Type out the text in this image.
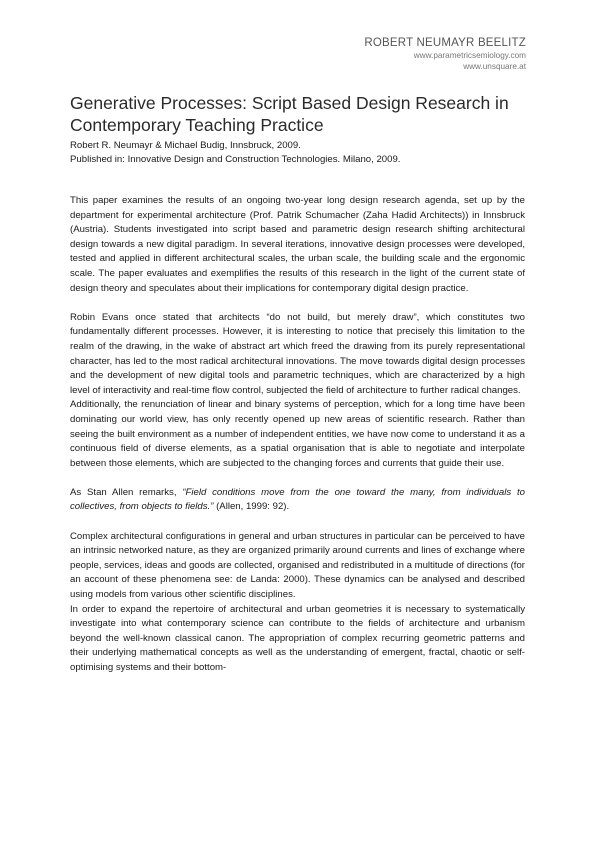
ROBERT NEUMAYR BEELITZ
www.parametricsemiology.com
www.unsquare.at
Generative Processes: Script Based Design Research in Contemporary Teaching Practice
Robert R. Neumayr & Michael Budig, Innsbruck, 2009.
Published in: Innovative Design and Construction Technologies. Milano, 2009.

This paper examines the results of an ongoing two-year long design research agenda, set up by the department for experimental architecture (Prof. Patrik Schumacher (Zaha Hadid Architects)) in Innsbruck (Austria). Students investigated into script based and parametric design research shifting architectural design towards a new digital paradigm. In several iterations, innovative design processes were developed, tested and applied in different architectural scales, the urban scale, the building scale and the ergonomic scale. The paper evaluates and exemplifies the results of this research in the light of the current state of design theory and speculates about their implications for contemporary digital design practice.

Robin Evans once stated that architects “do not build, but merely draw”, which constitutes two fundamentally different processes. However, it is interesting to notice that precisely this limitation to the realm of the drawing, in the wake of abstract art which freed the drawing from its purely representational character, has led to the most radical architectural innovations. The move towards digital design processes and the development of new digital tools and parametric techniques, which are characterized by a high level of interactivity and real-time flow control, subjected the field of architecture to further radical changes.

Additionally, the renunciation of linear and binary systems of perception, which for a long time have been dominating our world view, has only recently opened up new areas of scientific research. Rather than seeing the built environment as a number of independent entities, we have now come to understand it as a continuous field of diverse elements, as a spatial organisation that is able to negotiate and interpolate between those elements, which are subjected to the changing forces and currents that guide their use.

As Stan Allen remarks, “Field conditions move from the one toward the many, from individuals to collectives, from objects to fields.” (Allen, 1999: 92).

Complex architectural configurations in general and urban structures in particular can be perceived to have an intrinsic networked nature, as they are organized primarily around currents and lines of exchange where people, services, ideas and goods are collected, organised and redistributed in a multitude of directions (for an account of these phenomena see: de Landa: 2000). These dynamics can be analysed and described using models from various other scientific disciplines.

In order to expand the repertoire of architectural and urban geometries it is necessary to systematically investigate into what contemporary science can contribute to the fields of architecture and urbanism beyond the well-known classical canon. The appropriation of complex recurring geometric patterns and their underlying mathematical concepts as well as the understanding of emergent, fractal, chaotic or self-optimising systems and their bottom-
